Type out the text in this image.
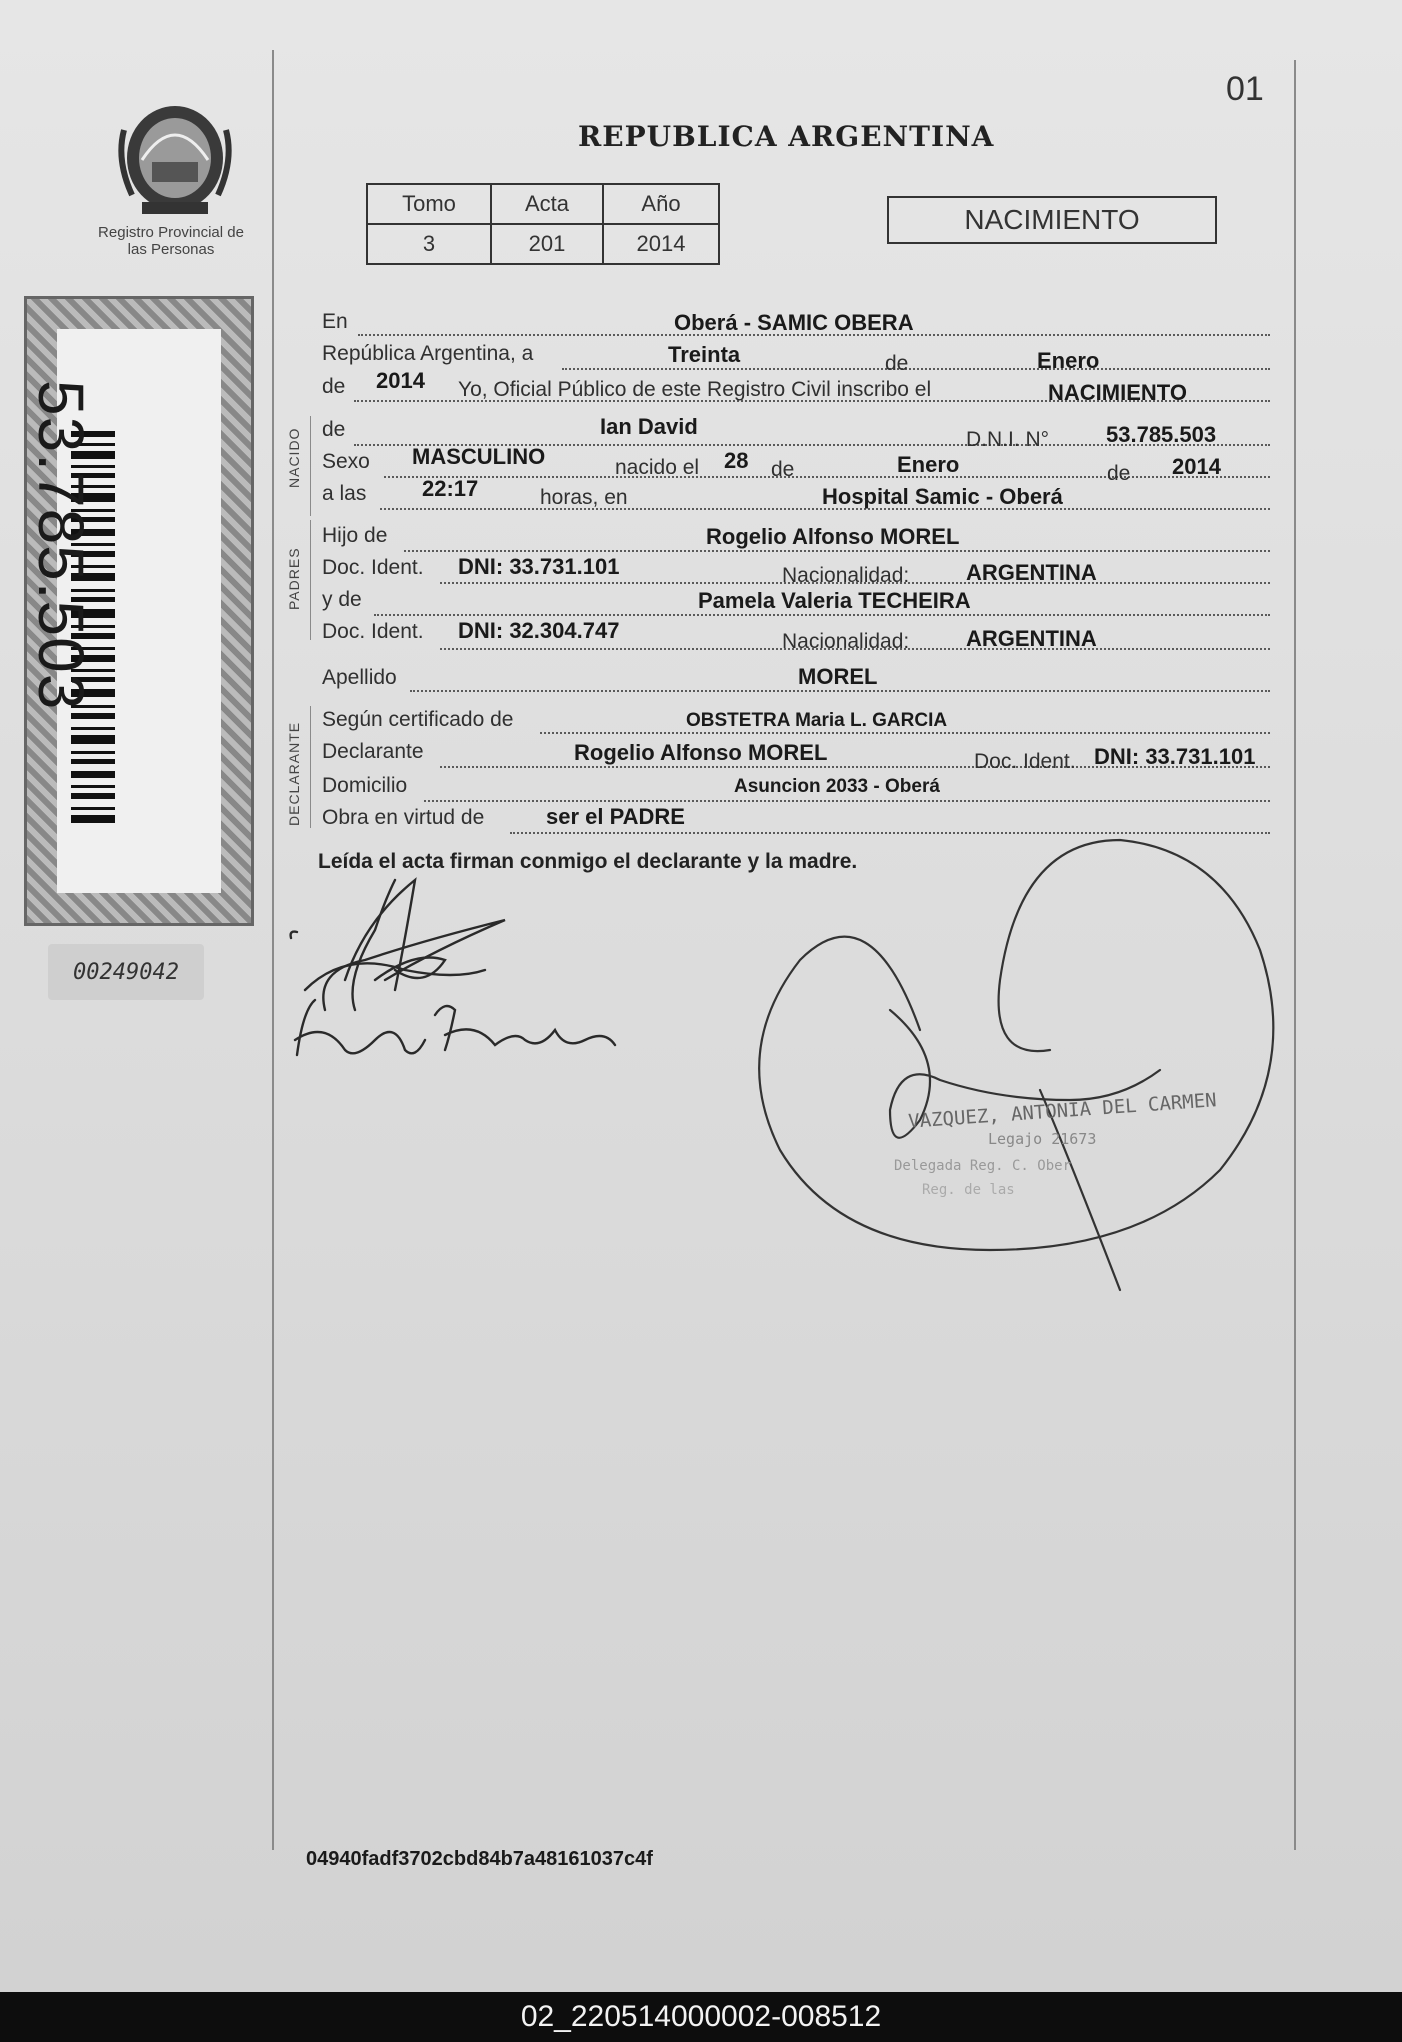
01
Registro Provincial de las Personas
53.785.503
00249042
REPUBLICA ARGENTINA
Tomo	Acta	Año
3	201	2014
NACIMIENTO
NACIDO
PADRES
DECLARANTE
En	Oberá - SAMIC OBERA
República Argentina, a	Treinta	de	Enero
de 2014 Yo, Oficial Público de este Registro Civil inscribo el	NACIMIENTO
de	Ian David
D.N.I. N°	53.785.503
Sexo MASCULINO	nacido el 28 de	Enero	de 2014
a las	22:17	horas, en	Hospital Samic - Oberá
Hijo de	Rogelio Alfonso MOREL
Doc. Ident. DNI: 33.731.101	Nacionalidad:	ARGENTINA
y de	Pamela Valeria TECHEIRA
Doc. Ident. DNI: 32.304.747	Nacionalidad:	ARGENTINA
Apellido	MOREL
Según certificado de	OBSTETRA Maria L. GARCIA
Declarante	Rogelio Alfonso MOREL	Doc. Ident. DNI: 33.731.101
Domicilio	Asuncion 2033 - Oberá
Obra en virtud de	ser el PADRE
Leída el acta firman conmigo el declarante y la madre.
VAZQUEZ, ANTONIA DEL CARMEN
Legajo 21673
Delegada Reg. C. Ober
Reg. de las
04940fadf3702cbd84b7a48161037c4f
02_220514000002-008512
